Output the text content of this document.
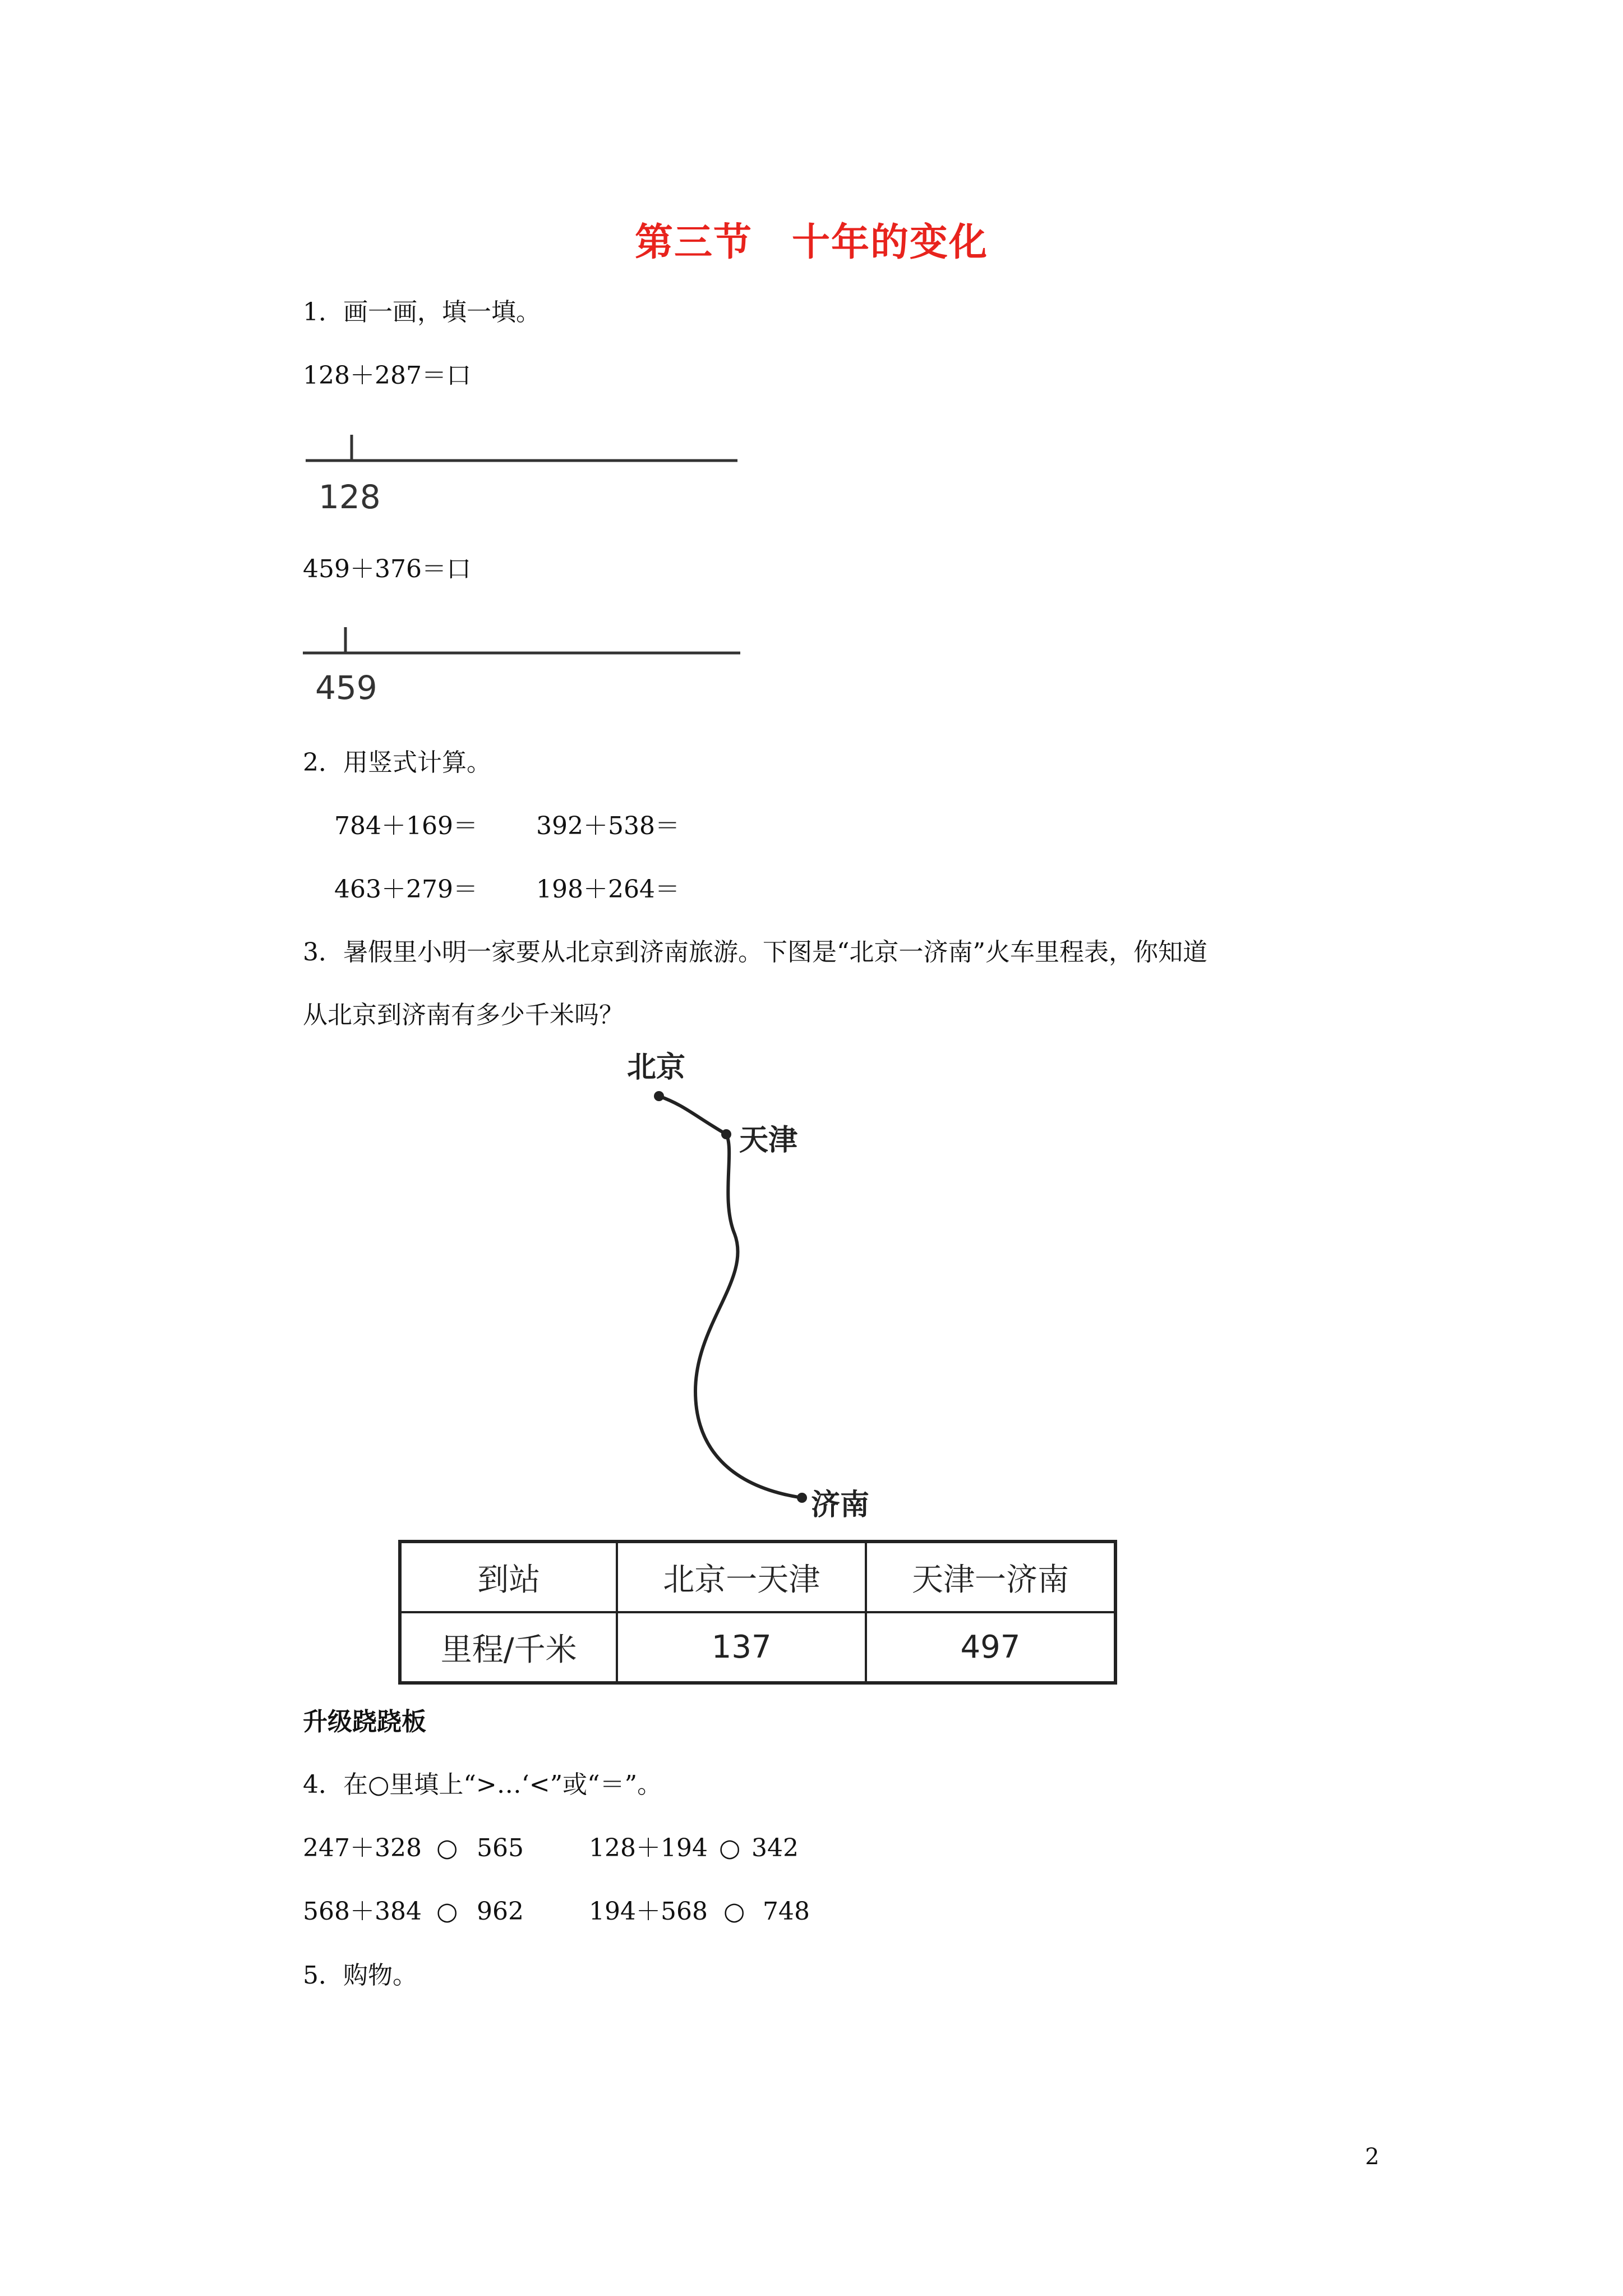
第三节　十年的变化
1．画一画，填一填。
128＋287＝口
128
459＋376＝口
459
2．用竖式计算。
784＋169＝ 392＋538＝
463＋279＝ 198＋264＝
3．暑假里小明一家要从北京到济南旅游。下图是“北京一济南”火车里程表，你知道
从北京到济南有多少千米吗？
北京
天津
济南
到站	北京一天津	天津一济南
里程/千米	137	497
升级跷跷板
4．在○里填上“>…‘<”或“＝”。
247＋328 ○ 565	128＋194 ○ 342
568＋384 ○ 962	194＋568 ○ 748
5．购物。
2
